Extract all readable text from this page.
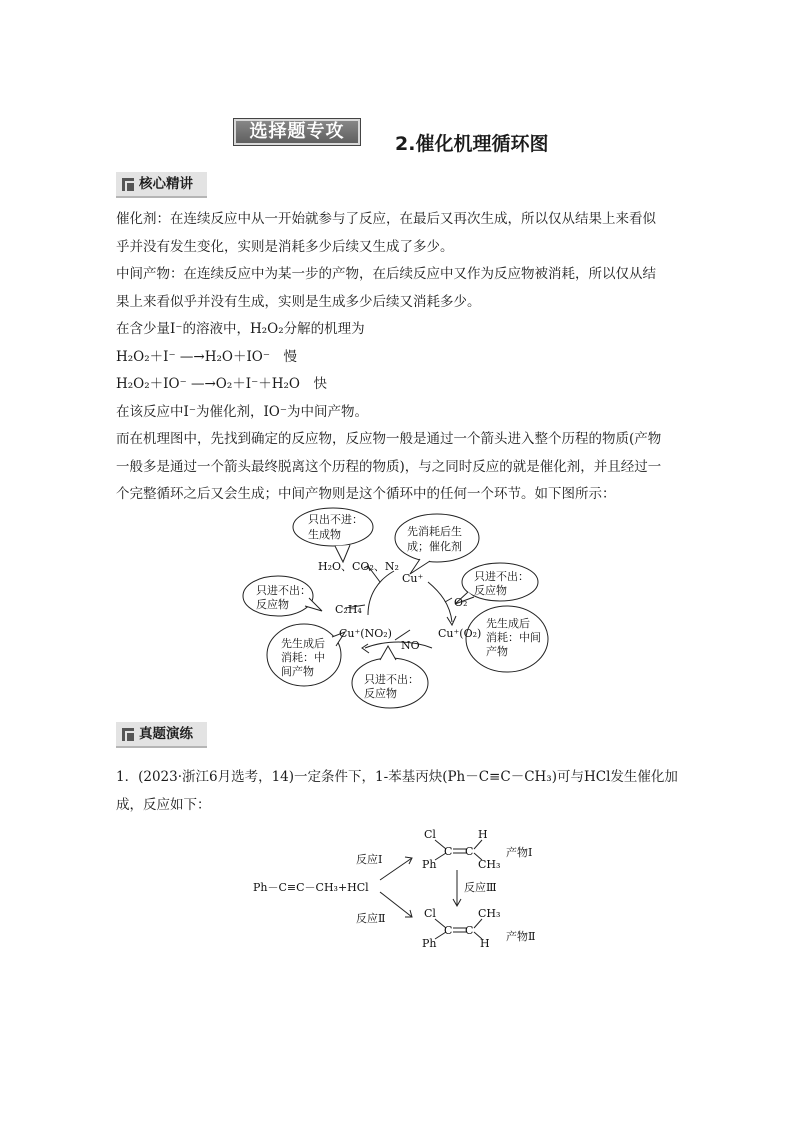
选择题专攻
2.催化机理循环图
核心精讲
催化剂：在连续反应中从一开始就参与了反应，在最后又再次生成，所以仅从结果上来看似
乎并没有发生变化，实则是消耗多少后续又生成了多少。
中间产物：在连续反应中为某一步的产物，在后续反应中又作为反应物被消耗，所以仅从结
果上来看似乎并没有生成，实则是生成多少后续又消耗多少。
在含少量I⁻的溶液中，H₂O₂分解的机理为
H₂O₂＋I⁻ —→H₂O＋IO⁻　慢
H₂O₂＋IO⁻ —→O₂＋I⁻＋H₂O　快
在该反应中I⁻为催化剂，IO⁻为中间产物。
而在机理图中，先找到确定的反应物，反应物一般是通过一个箭头进入整个历程的物质(产物
一般多是通过一个箭头最终脱离这个历程的物质)，与之同时反应的就是催化剂，并且经过一
个完整循环之后又会生成；中间产物则是这个循环中的任何一个环节。如下图所示：
只出不进：
生成物	先消耗后生
成；催化剂
只进不出：
反应物
先生成后
消耗：中间
产物
只进不出：
反应物
先生成后
消耗：中
间产物
只进不出：
反应物
H₂O、CO₂、N₂
Cu⁺
O₂
Cu⁺(O₂)
NO
Cu⁺(NO₂)
C₂H₄
真题演练
1．(2023·浙江6月选考，14)一定条件下，1-苯基丙炔(Ph－C≡C－CH₃)可与HCl发生催化加
成，反应如下：
Ph－C≡C－CH₃+HCl
反应Ⅰ
反应Ⅱ
反应Ⅲ
Cl	H
C C
Ph	CH₃
产物Ⅰ
Cl	CH₃
C C
Ph	H
产物Ⅱ
